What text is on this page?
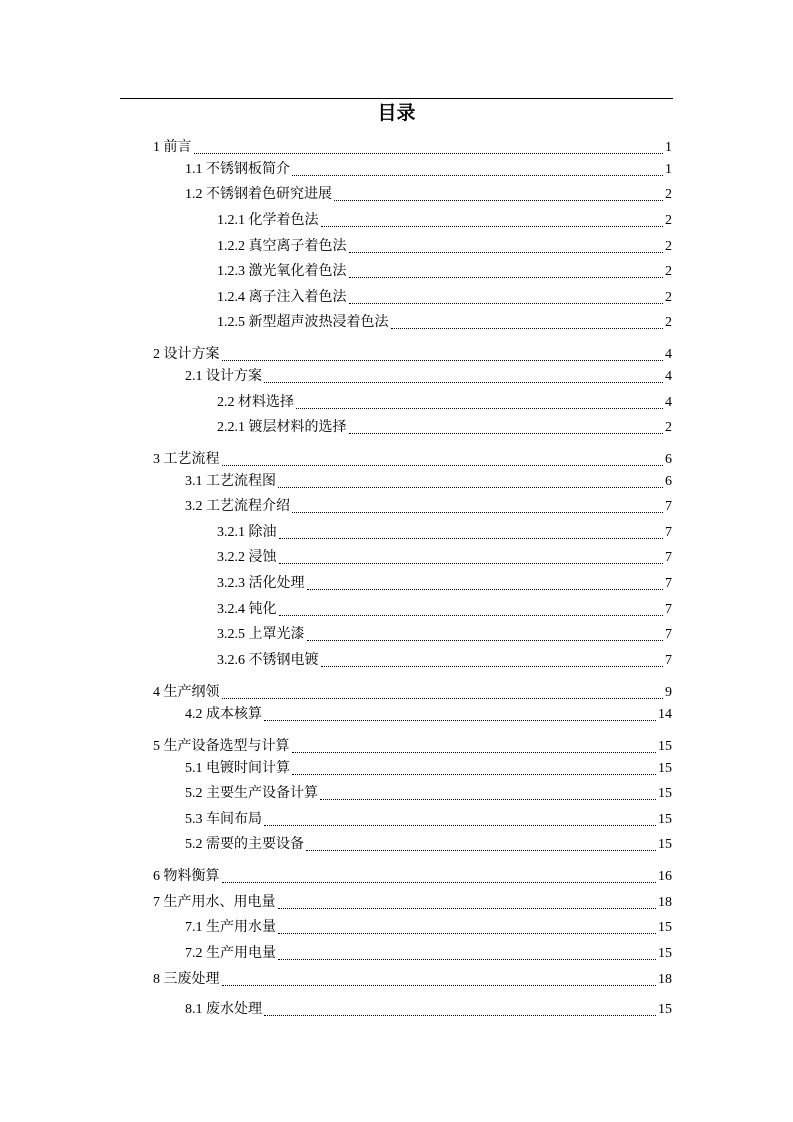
目录
1 前言	1
1.1 不锈钢板简介	1
1.2 不锈钢着色研究进展	2
1.2.1 化学着色法	2
1.2.2 真空离子着色法	2
1.2.3 激光氧化着色法	2
1.2.4 离子注入着色法	2
1.2.5 新型超声波热浸着色法	2
2 设计方案	4
2.1 设计方案	4
2.2 材料选择	4
2.2.1 镀层材料的选择	2
3 工艺流程	6
3.1 工艺流程图	6
3.2 工艺流程介绍	7
3.2.1 除油	7
3.2.2 浸蚀	7
3.2.3 活化处理	7
3.2.4 钝化	7
3.2.5 上罩光漆	7
3.2.6 不锈钢电镀	7
4 生产纲领	9
4.2 成本核算	14
5 生产设备选型与计算	15
5.1 电镀时间计算	15
5.2 主要生产设备计算	15
5.3 车间布局	15
5.2 需要的主要设备	15
6 物料衡算	16
7 生产用水、用电量	18
7.1 生产用水量	15
7.2 生产用电量	15
8 三废处理	18
8.1 废水处理	15
